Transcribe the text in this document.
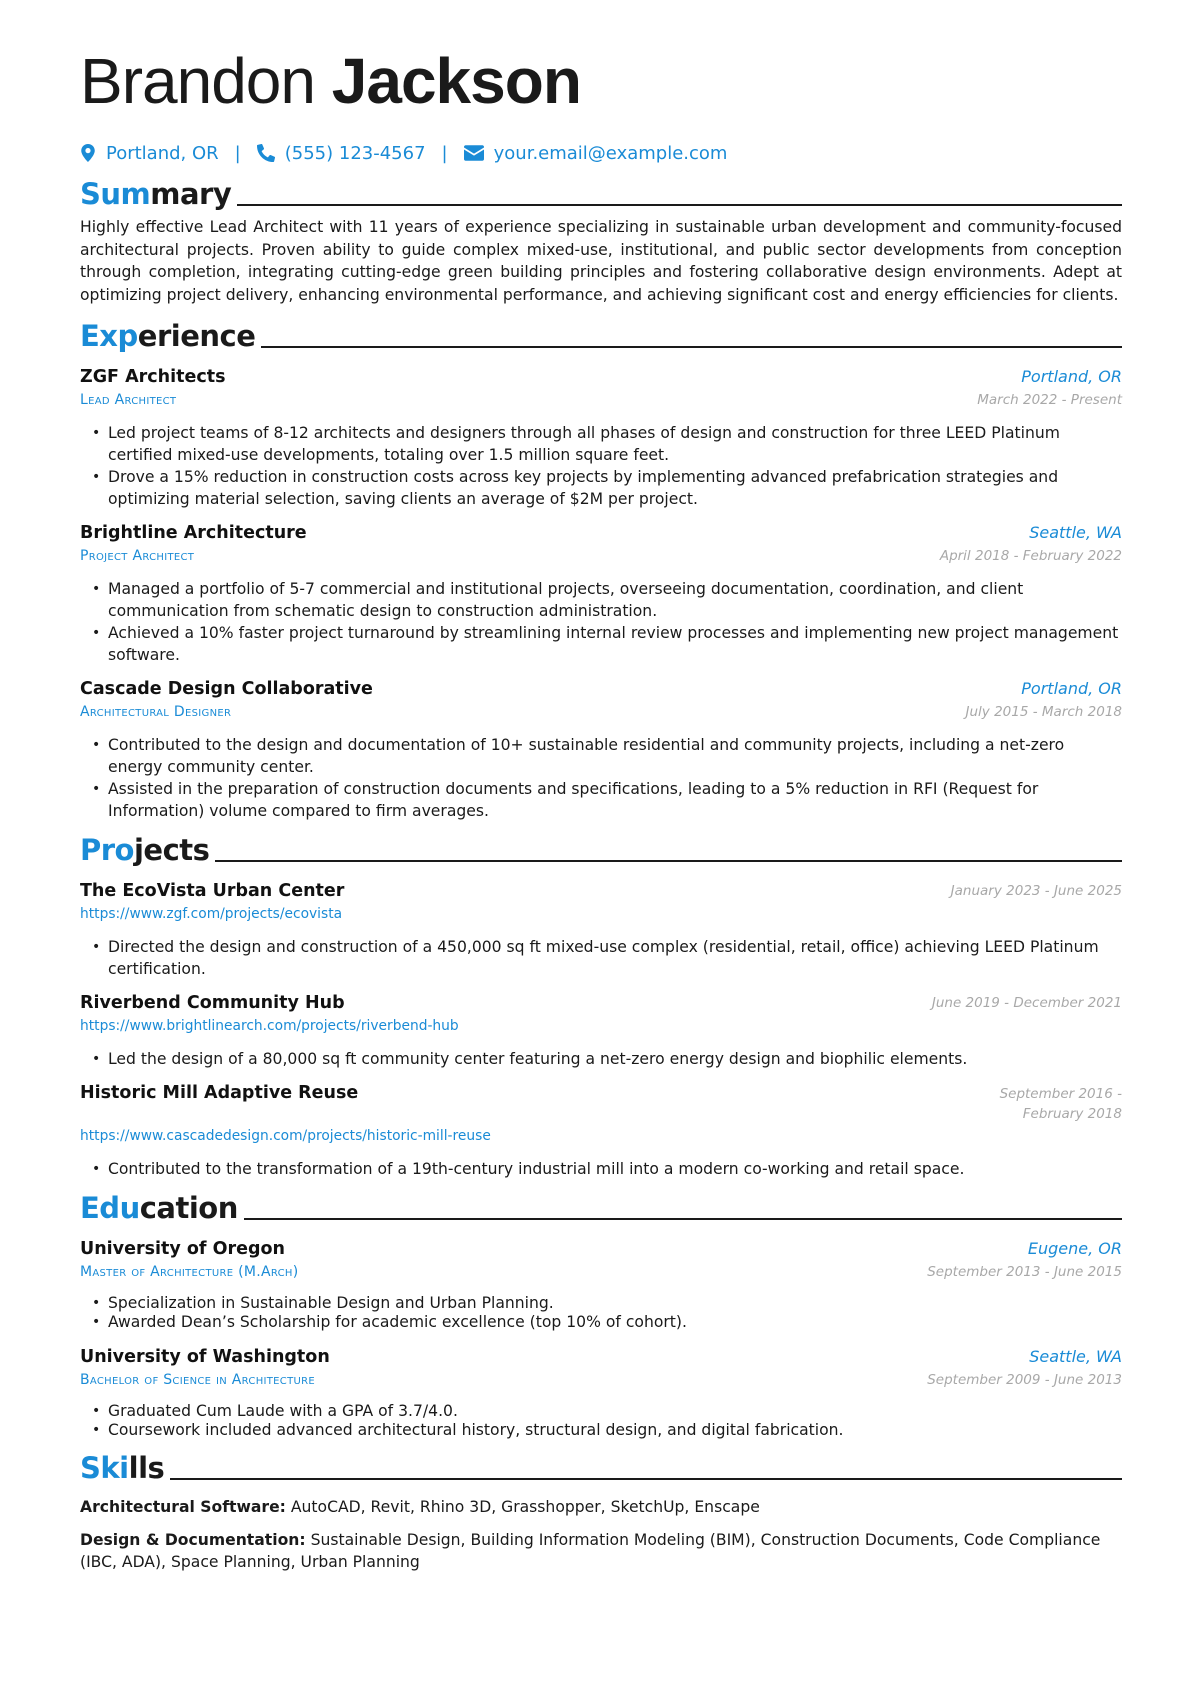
Brandon Jackson
Portland, OR | (555) 123-4567 |	your.email@example.com
Summary
Highly effective Lead Architect with 11 years of experience specializing in sustainable urban development and community-focused architectural projects. Proven ability to guide complex mixed-use, institutional, and public sector developments from conception through completion, integrating cutting-edge green building principles and fostering collaborative design environments. Adept at optimizing project delivery, enhancing environmental performance, and achieving significant cost and energy efficiencies for clients.
Experience
ZGF Architects	Portland, OR
Lead Architect	March 2022 - Present
• Led project teams of 8-12 architects and designers through all phases of design and construction for three LEED Platinum certified mixed-use developments, totaling over 1.5 million square feet.
• Drove a 15% reduction in construction costs across key projects by implementing advanced prefabrication strategies and optimizing material selection, saving clients an average of $2M per project.
Brightline Architecture	Seattle, WA
Project Architect	April 2018 - February 2022
• Managed a portfolio of 5-7 commercial and institutional projects, overseeing documentation, coordination, and client communication from schematic design to construction administration.
• Achieved a 10% faster project turnaround by streamlining internal review processes and implementing new project management software.
Cascade Design Collaborative	Portland, OR
Architectural Designer	July 2015 - March 2018
• Contributed to the design and documentation of 10+ sustainable residential and community projects, including a net-zero energy community center.
• Assisted in the preparation of construction documents and specifications, leading to a 5% reduction in RFI (Request for Information) volume compared to firm averages.
Projects
The EcoVista Urban Center	January 2023 - June 2025
https://www.zgf.com/projects/ecovista
• Directed the design and construction of a 450,000 sq ft mixed-use complex (residential, retail, office) achieving LEED Platinum certification.
Riverbend Community Hub	June 2019 - December 2021
https://www.brightlinearch.com/projects/riverbend-hub
• Led the design of a 80,000 sq ft community center featuring a net-zero energy design and biophilic elements.
Historic Mill Adaptive Reuse	September 2016 - February 2018
https://www.cascadedesign.com/projects/historic-mill-reuse
• Contributed to the transformation of a 19th-century industrial mill into a modern co-working and retail space.
Education
University of Oregon	Eugene, OR
Master of Architecture (M.Arch)	September 2013 - June 2015
• Specialization in Sustainable Design and Urban Planning.
• Awarded Dean’s Scholarship for academic excellence (top 10% of cohort).
University of Washington	Seattle, WA
Bachelor of Science in Architecture	September 2009 - June 2013
• Graduated Cum Laude with a GPA of 3.7/4.0.
• Coursework included advanced architectural history, structural design, and digital fabrication.
Skills
Architectural Software: AutoCAD, Revit, Rhino 3D, Grasshopper, SketchUp, Enscape
Design & Documentation: Sustainable Design, Building Information Modeling (BIM), Construction Documents, Code Compliance (IBC, ADA), Space Planning, Urban Planning
